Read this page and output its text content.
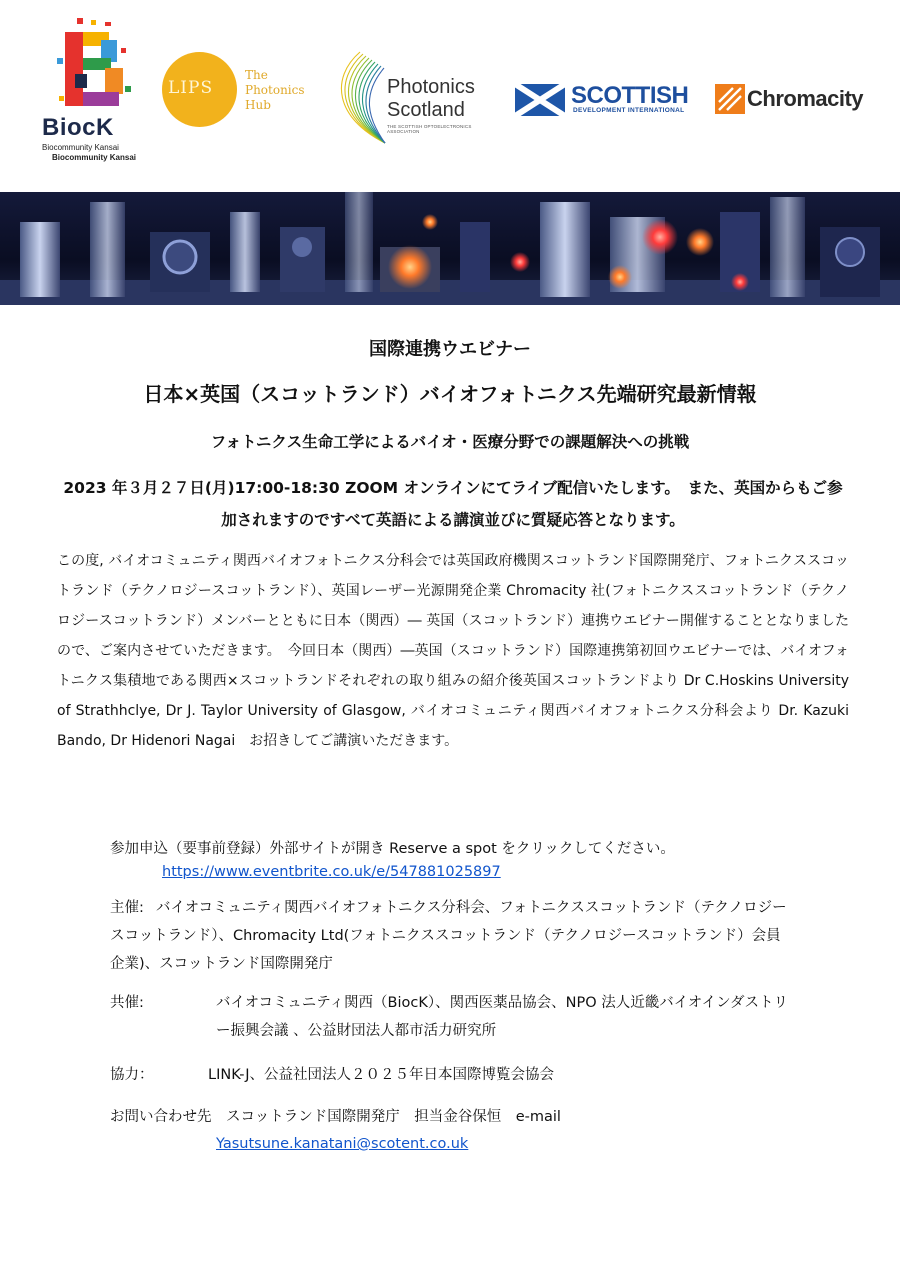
BiocK
Biocommunity Kansai
Biocommunity Kansai
LIPS
The
Photonics
Hub
Photonics
Scotland
THE SCOTTISH OPTOELECTRONICS ASSOCIATION
SCOTTISH
DEVELOPMENT INTERNATIONAL	Chromacity
国際連携ウエビナー
日本×英国（スコットランド）バイオフォトニクス先端研究最新情報
フォトニクス生命工学によるバイオ・医療分野での課題解決への挑戦
2023 年３月２７日(月)17:00-18:30 ZOOM オンラインにてライブ配信いたします。　また、英国からもご参加されますのですべて英語による講演並びに質疑応答となります。
この度, バイオコミュニティ関西バイオフォトニクス分科会では英国政府機関スコットランド国際開発庁、フォトニクススコットランド（テクノロジースコットランド）、英国レーザー光源開発企業 Chromacity 社(フォトニクススコットランド（テクノロジースコットランド）メンバーとともに日本（関西）― 英国（スコットランド）連携ウエビナー開催することとなりましたので、ご案内させていただきます。　今回日本（関西）―英国（スコットランド）国際連携第初回ウエビナーでは、バイオフォトニクス集積地である関西×スコットランドそれぞれの取り組みの紹介後英国スコットランドより Dr C.Hoskins University of Strathhclye, Dr J. Taylor University of Glasgow, バイオコミュニティ関西バイオフォトニクス分科会より Dr. Kazuki Bando, Dr Hidenori Nagai　お招きしてご講演いただきます。
参加申込（要事前登録）外部サイトが開き Reserve a spot をクリックしてください。
https://www.eventbrite.co.uk/e/547881025897
主催: バイオコミュニティ関西バイオフォトニクス分科会、フォトニクススコットランド（テクノロジースコットランド）、Chromacity Ltd(フォトニクススコットランド（テクノロジースコットランド）会員企業)、スコットランド国際開発庁
共催:	バイオコミュニティ関西（BiocK）、関西医薬品協会、NPO 法人近畿バイオインダストリー振興会議 、公益財団法人都市活力研究所
協力：	LINK-J、公益社団法人２０２５年日本国際博覧会協会
お問い合わせ先　スコットランド国際開発庁　担当金谷保恒　e-mail
Yasutsune.kanatani@scotent.co.uk
